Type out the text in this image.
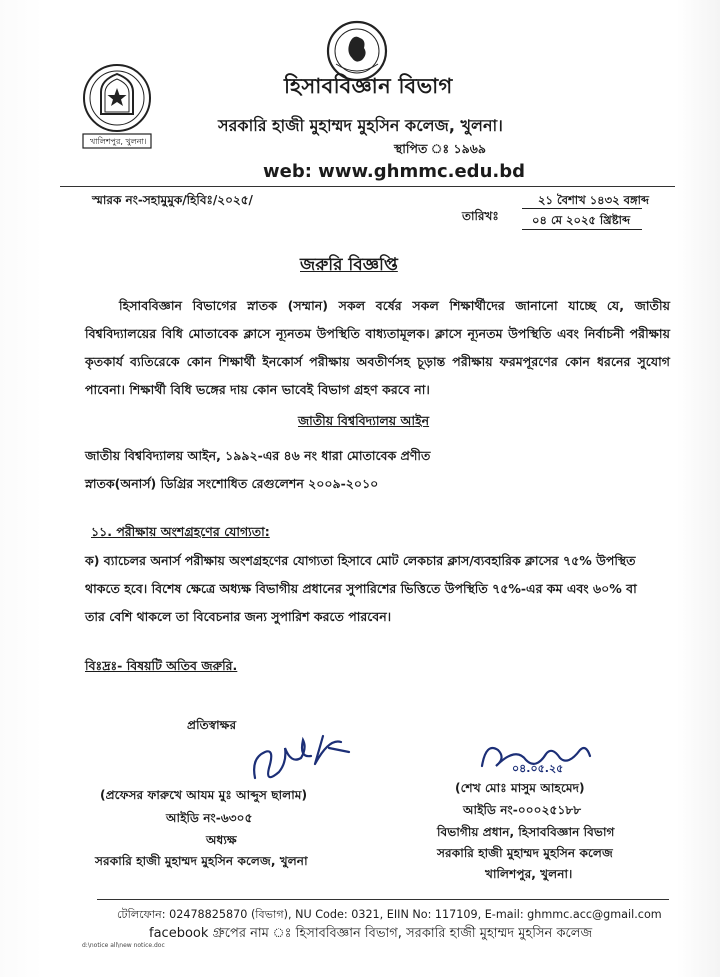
খালিশপুর, খুলনা।
হিসাববিজ্ঞান বিভাগ
সরকারি হাজী মুহাম্মদ মুহসিন কলেজ, খুলনা।
স্থাপিত ঃ ১৯৬৯
web: www.ghmmc.edu.bd
স্মারক নং-সহামুমুক/হিবিঃ/২০২৫/	২১ বৈশাখ ১৪৩২ বঙ্গাব্দ
তারিখঃ	০৪ মে ২০২৫ খ্রিষ্টাব্দ
জরুরি বিজ্ঞপ্তি

হিসাববিজ্ঞান বিভাগের স্নাতক (সম্মান) সকল বর্ষের সকল শিক্ষার্থীদের জানানো যাচ্ছে যে, জাতীয় বিশ্ববিদ্যালয়ের বিধি মোতাবেক ক্লাসে ন্যূনতম উপস্থিতি বাধ্যতামূলক। ক্লাসে ন্যূনতম উপস্থিতি এবং নির্বাচনী পরীক্ষায় কৃতকার্য ব্যতিরেকে কোন শিক্ষার্থী ইনকোর্স পরীক্ষায় অবতীর্ণসহ চূড়ান্ত পরীক্ষায় ফরমপূরণের কোন ধরনের সুযোগ পাবেনা। শিক্ষার্থী বিধি ভঙ্গের দায় কোন ভাবেই বিভাগ গ্রহণ করবে না।

জাতীয় বিশ্ববিদ্যালয় আইন
জাতীয় বিশ্ববিদ্যালয় আইন, ১৯৯২-এর ৪৬ নং ধারা মোতাবেক প্রণীত
স্নাতক(অনার্স) ডিগ্রির সংশোধিত রেগুলেশন ২০০৯-২০১০
১১. পরীক্ষায় অংশগ্রহণের যোগ্যতা:
ক) ব্যাচেলর অনার্স পরীক্ষায় অংশগ্রহণের যোগ্যতা হিসাবে মোট লেকচার ক্লাস/ব্যবহারিক ক্লাসের ৭৫% উপস্থিত
থাকতে হবে। বিশেষ ক্ষেত্রে অধ্যক্ষ বিভাগীয় প্রধানের সুপারিশের ভিত্তিতে উপস্থিতি ৭৫%-এর কম এবং ৬০% বা
তার বেশি থাকলে তা বিবেচনার জন্য সুপারিশ করতে পারবেন।
বিঃদ্রঃ- বিষয়টি অতিব জরুরি.
প্রতিস্বাক্ষর
(প্রফেসর ফারুখে আযম মুঃ আব্দুস ছালাম)
আইডি নং-৬৩০৫
অধ্যক্ষ
সরকারি হাজী মুহাম্মদ মুহসিন কলেজ, খুলনা
০৪.০৫.২৫
(শেখ মোঃ মাসুম আহমেদ)
আইডি নং-০০০২৫১৮৮
বিভাগীয় প্রধান, হিসাববিজ্ঞান বিভাগ
সরকারি হাজী মুহাম্মদ মুহসিন কলেজ
খালিশপুর, খুলনা।
টেলিফোন: 02478825870 (বিভাগ), NU Code: 0321, EIIN No: 117109, E-mail: ghmmc.acc@gmail.com
facebook গ্রুপের নাম ঃ হিসাববিজ্ঞান বিভাগ, সরকারি হাজী মুহাম্মদ মুহসিন কলেজ
d:\notice all\new notice.doc
